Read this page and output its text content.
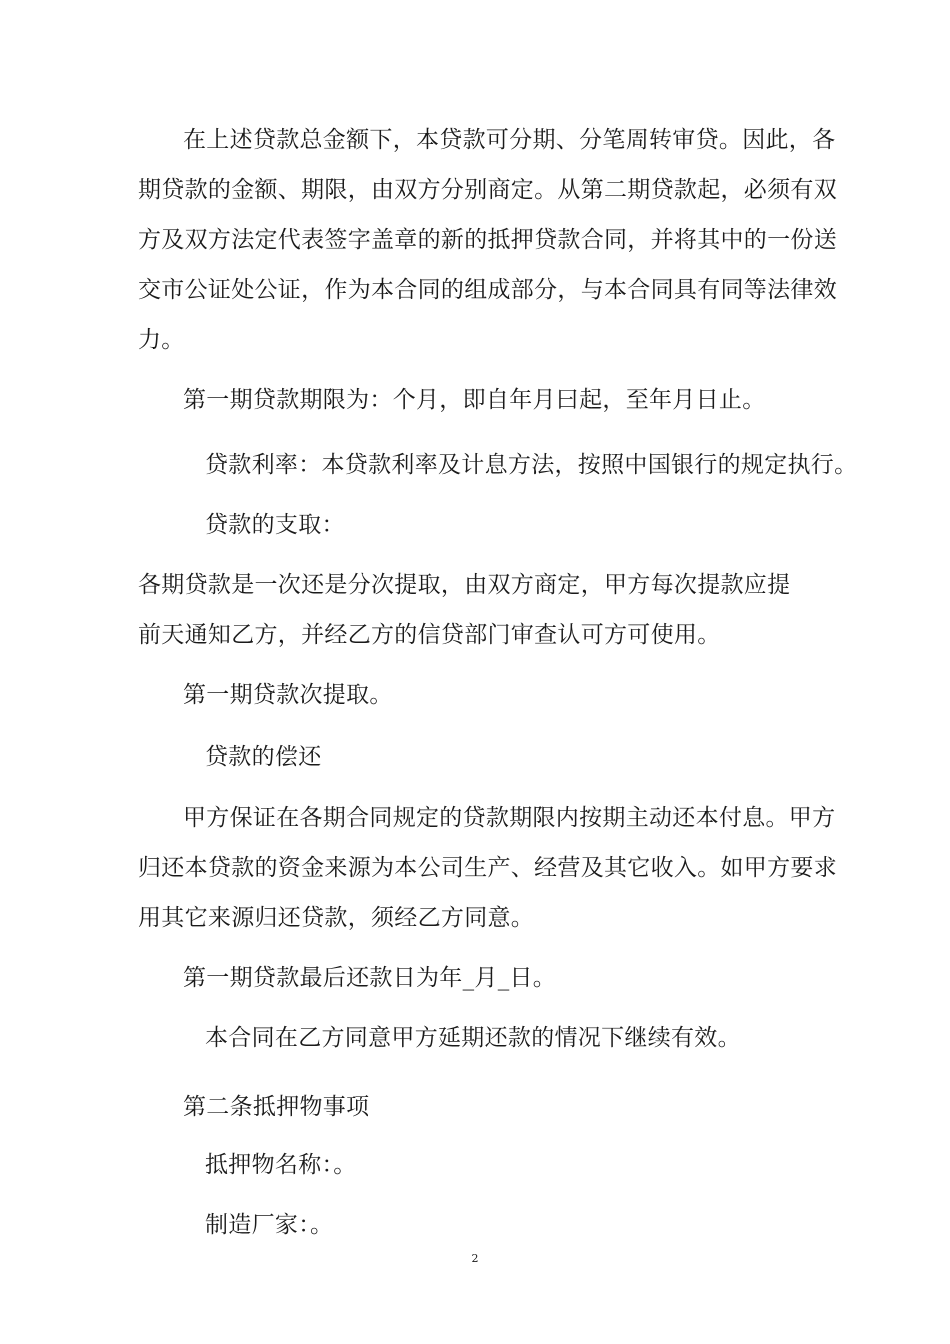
在上述贷款总金额下，本贷款可分期、分笔周转审贷。因此，各
期贷款的金额、期限，由双方分别商定。从第二期贷款起，必须有双
方及双方法定代表签字盖章的新的抵押贷款合同，并将其中的一份送
交市公证处公证，作为本合同的组成部分，与本合同具有同等法律效
力。
第一期贷款期限为：个月，即自年月曰起，至年月日止。
贷款利率：本贷款利率及计息方法，按照中国银行的规定执行。
贷款的支取：
各期贷款是一次还是分次提取，由双方商定，甲方每次提款应提
前天通知乙方，并经乙方的信贷部门审查认可方可使用。
第一期贷款次提取。
贷款的偿还
甲方保证在各期合同规定的贷款期限内按期主动还本付息。甲方
归还本贷款的资金来源为本公司生产、经营及其它收入。如甲方要求
用其它来源归还贷款，须经乙方同意。
第一期贷款最后还款日为年_月_日。
本合同在乙方同意甲方延期还款的情况下继续有效。
第二条抵押物事项
抵押物名称：。
制造厂家：。
2
